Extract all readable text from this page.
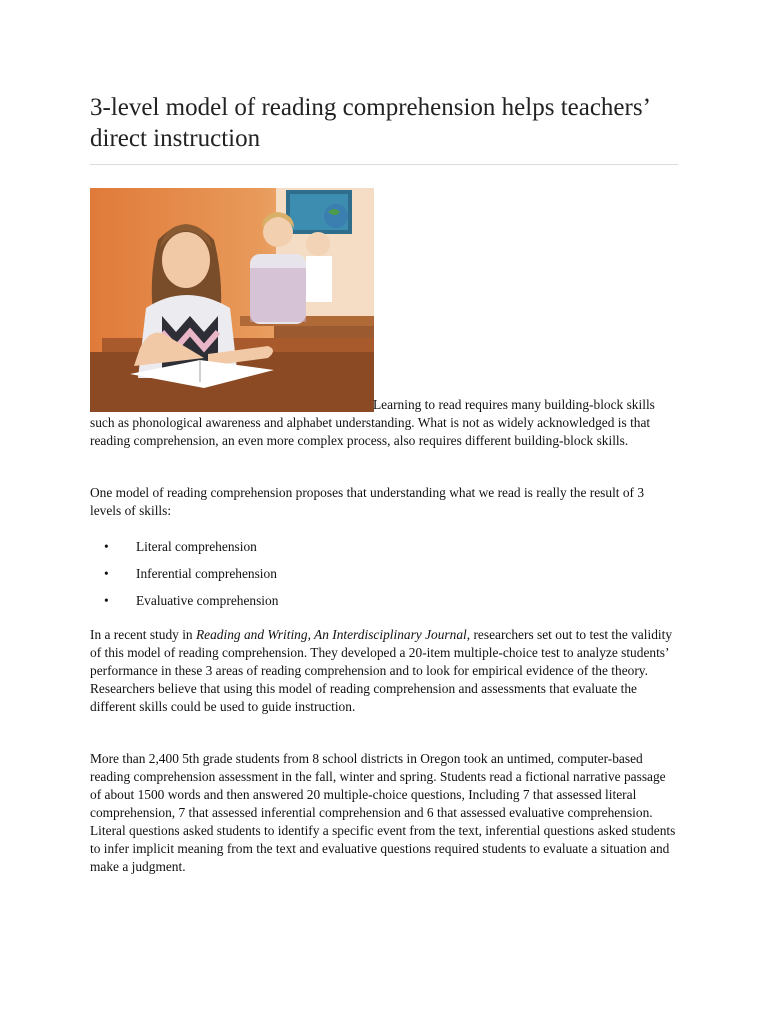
3-level model of reading comprehension helps teachers’ direct instruction

Learning to read requires many building-block skills such as phonological awareness and alphabet understanding. What is not as widely acknowledged is that reading comprehension, an even more complex process, also requires different building-block skills.

One model of reading comprehension proposes that understanding what we read is really the result of 3 levels of skills:

• Literal comprehension
• Inferential comprehension
• Evaluative comprehension

In a recent study in Reading and Writing, An Interdisciplinary Journal, researchers set out to test the validity of this model of reading comprehension. They developed a 20-item multiple-choice test to analyze students’ performance in these 3 areas of reading comprehension and to look for empirical evidence of the theory. Researchers believe that using this model of reading comprehension and assessments that evaluate the different skills could be used to guide instruction.

More than 2,400 5th grade students from 8 school districts in Oregon took an untimed, computer-based reading comprehension assessment in the fall, winter and spring. Students read a fictional narrative passage of about 1500 words and then answered 20 multiple-choice questions, Including 7 that assessed literal comprehension, 7 that assessed inferential comprehension and 6 that assessed evaluative comprehension. Literal questions asked students to identify a specific event from the text, inferential questions asked students to infer implicit meaning from the text and evaluative questions required students to evaluate a situation and make a judgment.
